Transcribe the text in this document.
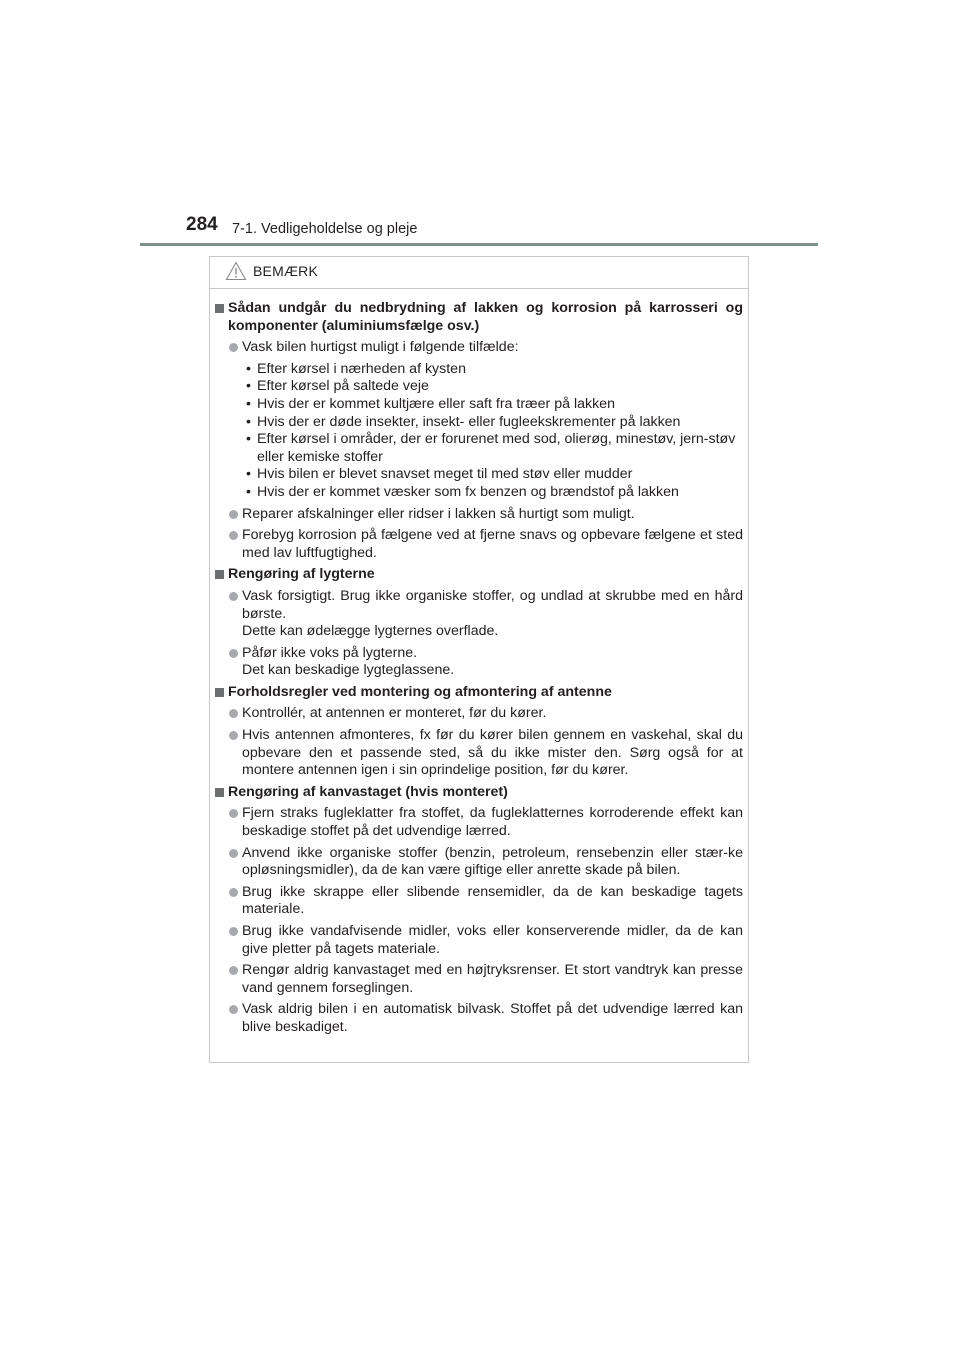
284 7-1. Vedligeholdelse og pleje
BEMÆRK
Sådan undgår du nedbrydning af lakken og korrosion på karrosseri og komponenter (aluminiumsfælge osv.)
Vask bilen hurtigst muligt i følgende tilfælde:
• Efter kørsel i nærheden af kysten
• Efter kørsel på saltede veje
• Hvis der er kommet kultjære eller saft fra træer på lakken
• Hvis der er døde insekter, insekt- eller fugleekskrementer på lakken
• Efter kørsel i områder, der er forurenet med sod, olierøg, minestøv, jern-støv eller kemiske stoffer
• Hvis bilen er blevet snavset meget til med støv eller mudder
• Hvis der er kommet væsker som fx benzen og brændstof på lakken
Reparer afskalninger eller ridser i lakken så hurtigt som muligt.
Forebyg korrosion på fælgene ved at fjerne snavs og opbevare fælgene et sted med lav luftfugtighed.
Rengøring af lygterne
Vask forsigtigt. Brug ikke organiske stoffer, og undlad at skrubbe med en hård børste.
Dette kan ødelægge lygternes overflade.
Påfør ikke voks på lygterne.
Det kan beskadige lygteglassene.
Forholdsregler ved montering og afmontering af antenne
Kontrollér, at antennen er monteret, før du kører.
Hvis antennen afmonteres, fx før du kører bilen gennem en vaskehal, skal du opbevare den et passende sted, så du ikke mister den. Sørg også for at montere antennen igen i sin oprindelige position, før du kører.
Rengøring af kanvastaget (hvis monteret)
Fjern straks fugleklatter fra stoffet, da fugleklatternes korroderende effekt kan beskadige stoffet på det udvendige lærred.
Anvend ikke organiske stoffer (benzin, petroleum, rensebenzin eller stær-ke opløsningsmidler), da de kan være giftige eller anrette skade på bilen.
Brug ikke skrappe eller slibende rensemidler, da de kan beskadige tagets materiale.
Brug ikke vandafvisende midler, voks eller konserverende midler, da de kan give pletter på tagets materiale.
Rengør aldrig kanvastaget med en højtryksrenser. Et stort vandtryk kan presse vand gennem forseglingen.
Vask aldrig bilen i en automatisk bilvask. Stoffet på det udvendige lærred kan blive beskadiget.
